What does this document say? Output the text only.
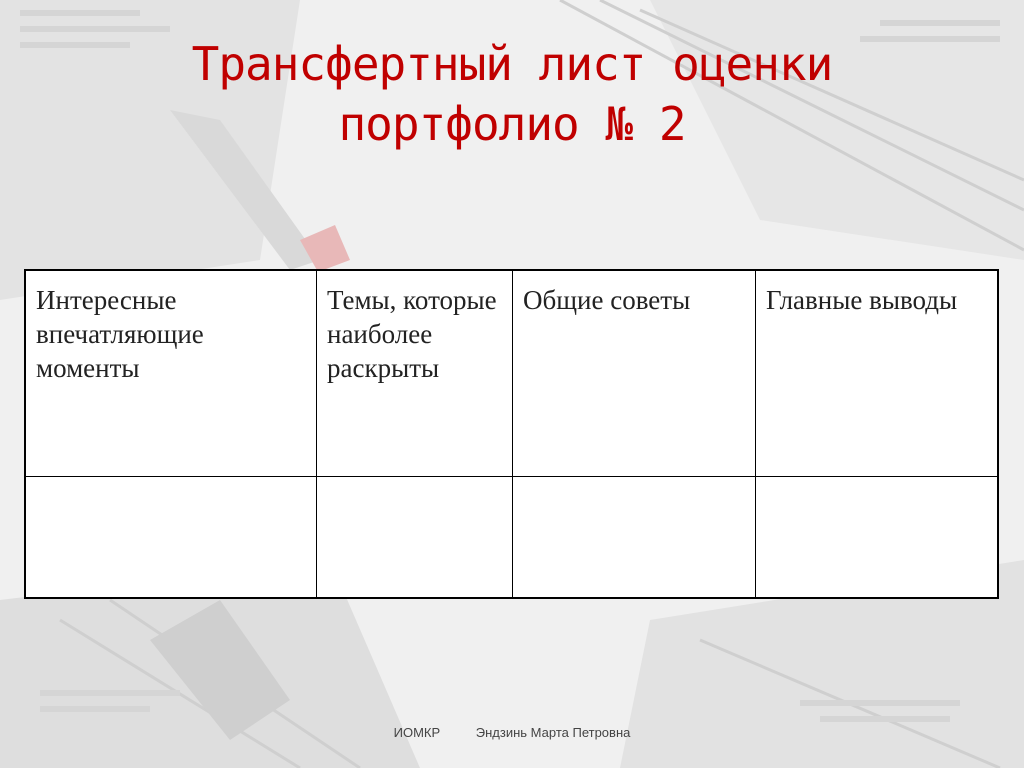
Трансфертный лист оценки
портфолио № 2
Интересные впечатляющие моменты	Темы, которые наиболее раскрыты	Общие советы	Главные выводы

ИОМКР	Эндзинь Марта Петровна
